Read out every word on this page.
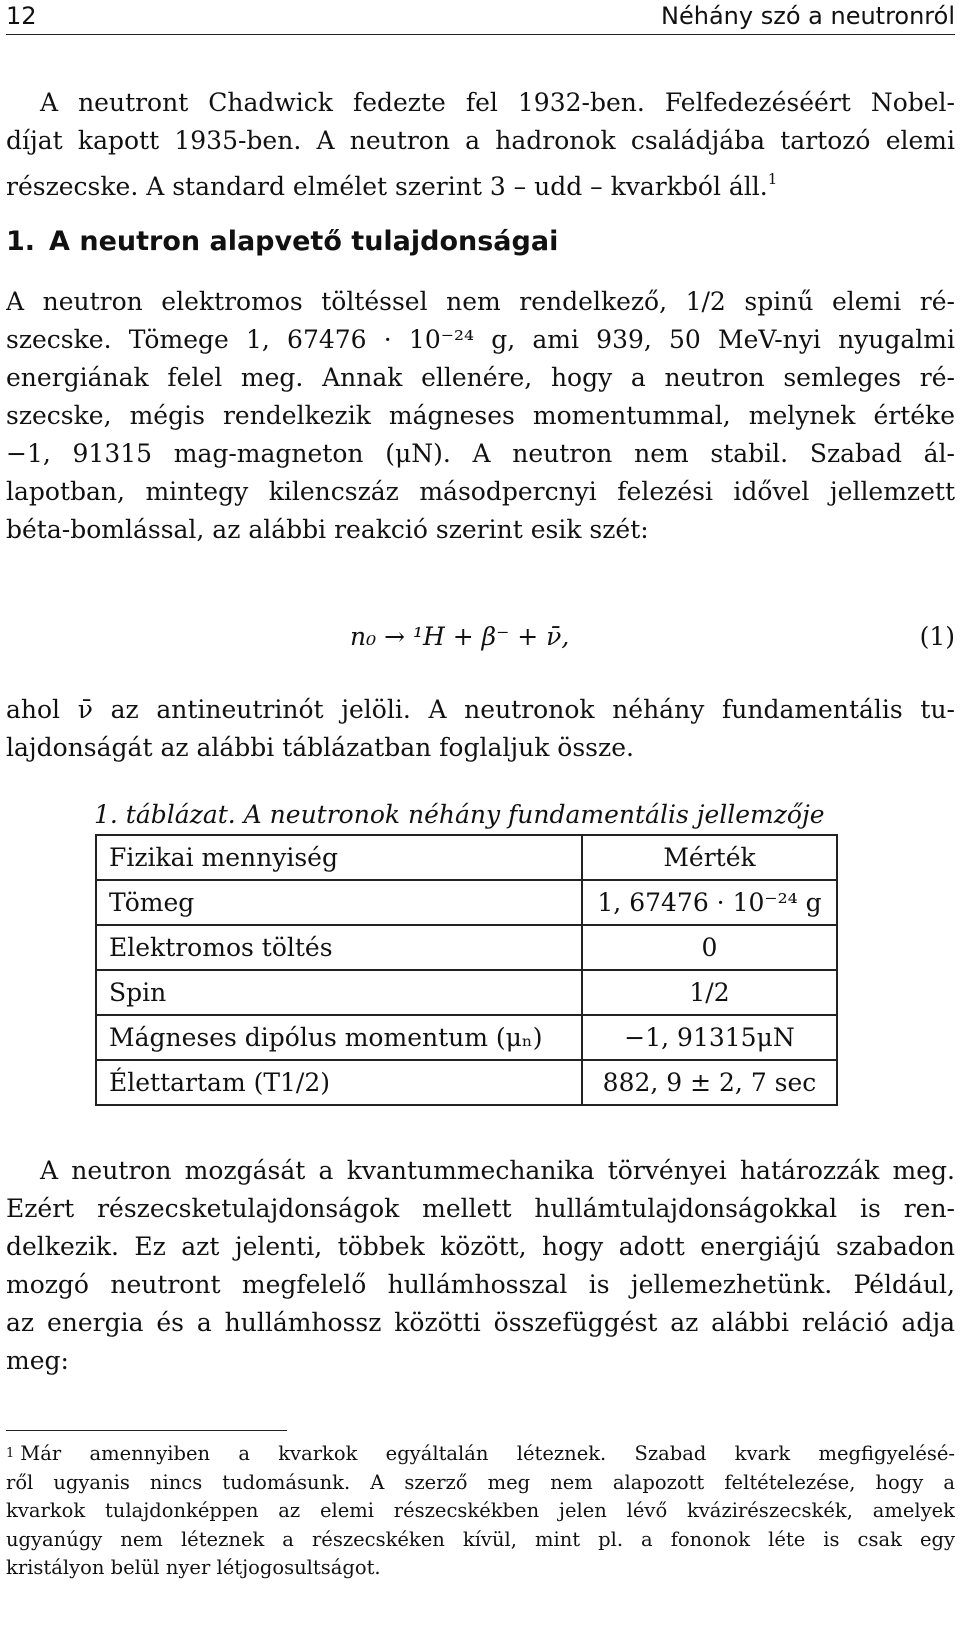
12	Néhány szó a neutronról
A neutront Chadwick fedezte fel 1932-ben. Felfedezéséért Nobel-
díjat kapott 1935-ben. A neutron a hadronok családjába tartozó elemi
részecske. A standard elmélet szerint 3 – udd – kvarkból áll.$^1$
1. A neutron alapvető tulajdonságai
A neutron elektromos töltéssel nem rendelkező, 1/2 spinű elemi ré-
szecske. Tömege 1, 67476 · 10⁻²⁴ g, ami 939, 50 MeV-nyi nyugalmi
energiának felel meg. Annak ellenére, hogy a neutron semleges ré-
szecske, mégis rendelkezik mágneses momentummal, melynek értéke
−1, 91315 mag-magneton (μN). A neutron nem stabil. Szabad ál-
lapotban, mintegy kilencszáz másodpercnyi felezési idővel jellemzett
béta-bomlással, az alábbi reakció szerint esik szét:
n₀ → ¹H + β⁻ + ν̄,	(1)
ahol ν̄ az antineutrinót jelöli. A neutronok néhány fundamentális tu-
lajdonságát az alábbi táblázatban foglaljuk össze.
1. táblázat. A neutronok néhány fundamentális jellemzője
Fizikai mennyiség	Mérték
Tömeg	1, 67476 · 10⁻²⁴ g
Elektromos töltés	0
Spin	1/2
Mágneses dipólus momentum (μₙ)	−1, 91315μN
Élettartam (T1/2)	882, 9 ± 2, 7 sec
A neutron mozgását a kvantummechanika törvényei határozzák meg.
Ezért részecsketulajdonságok mellett hullámtulajdonságokkal is ren-
delkezik. Ez azt jelenti, többek között, hogy adott energiájú szabadon
mozgó neutront megfelelő hullámhosszal is jellemezhetünk. Például,
az energia és a hullámhossz közötti összefüggést az alábbi reláció adja
meg:
$^1$ Már amennyiben a kvarkok egyáltalán léteznek. Szabad kvark megfigyelésé-
ről ugyanis nincs tudomásunk. A szerző meg nem alapozott feltételezése, hogy a
kvarkok tulajdonképpen az elemi részecskékben jelen lévő kvázirészecskék, amelyek
ugyanúgy nem léteznek a részecskéken kívül, mint pl. a fononok léte is csak egy
kristályon belül nyer létjogosultságot.
